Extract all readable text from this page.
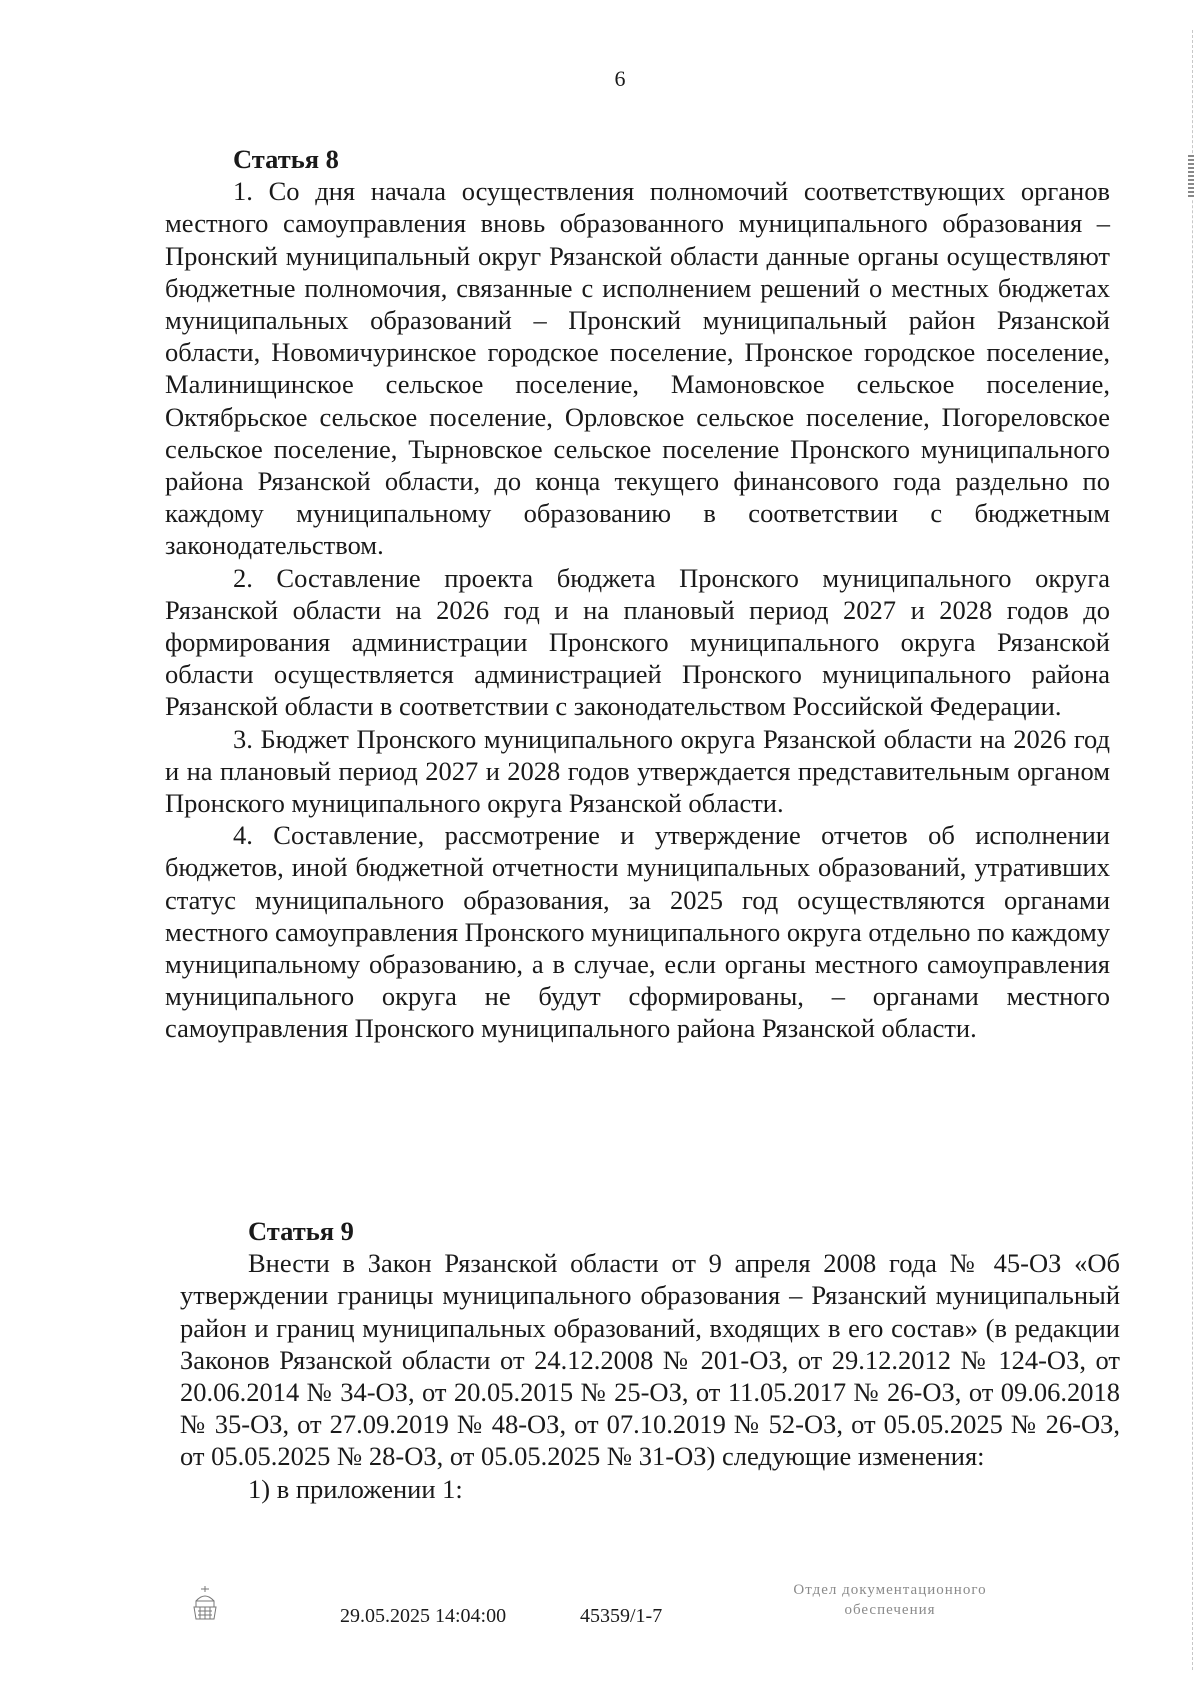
6
Статья 8

1. Со дня начала осуществления полномочий соответствующих органов местного самоуправления вновь образованного муниципального образования – Пронский муниципальный округ Рязанской области данные органы осуществляют бюджетные полномочия, связанные с исполнением решений о местных бюджетах муниципальных образований – Пронский муниципальный район Рязанской области, Новомичуринское городское поселение, Пронское городское поселение, Малинищинское сельское поселение, Мамоновское сельское поселение, Октябрьское сельское поселение, Орловское сельское поселение, Погореловское сельское поселение, Тырновское сельское поселение Пронского муниципального района Рязанской области, до конца текущего финансового года раздельно по каждому муниципальному образованию в соответствии с бюджетным законодательством.

2. Составление проекта бюджета Пронского муниципального округа Рязанской области на 2026 год и на плановый период 2027 и 2028 годов до формирования администрации Пронского муниципального округа Рязанской области осуществляется администрацией Пронского муниципального района Рязанской области в соответствии с законодательством Российской Федерации.

3. Бюджет Пронского муниципального округа Рязанской области на 2026 год и на плановый период 2027 и 2028 годов утверждается представительным органом Пронского муниципального округа Рязанской области.

4. Составление, рассмотрение и утверждение отчетов об исполнении бюджетов, иной бюджетной отчетности муниципальных образований, утративших статус муниципального образования, за 2025 год осуществляются органами местного самоуправления Пронского муниципального округа отдельно по каждому муниципальному образованию, а в случае, если органы местного самоуправления муниципального округа не будут сформированы, – органами местного самоуправления Пронского муниципального района Рязанской области.

Статья 9

Внести в Закон Рязанской области от 9 апреля 2008 года № 45-ОЗ «Об утверждении границы муниципального образования – Рязанский муниципальный район и границ муниципальных образований, входящих в его состав» (в редакции Законов Рязанской области от 24.12.2008 № 201-ОЗ, от 29.12.2012 № 124-ОЗ, от 20.06.2014 № 34-ОЗ, от 20.05.2015 № 25-ОЗ, от 11.05.2017 № 26-ОЗ, от 09.06.2018 № 35-ОЗ, от 27.09.2019 № 48-ОЗ, от 07.10.2019 № 52-ОЗ, от 05.05.2025 № 26-ОЗ, от 05.05.2025 № 28-ОЗ, от 05.05.2025 № 31-ОЗ) следующие изменения:

1) в приложении 1:

29.05.2025 14:04:00	45359/1-7
Отдел документационного
обеспечения
